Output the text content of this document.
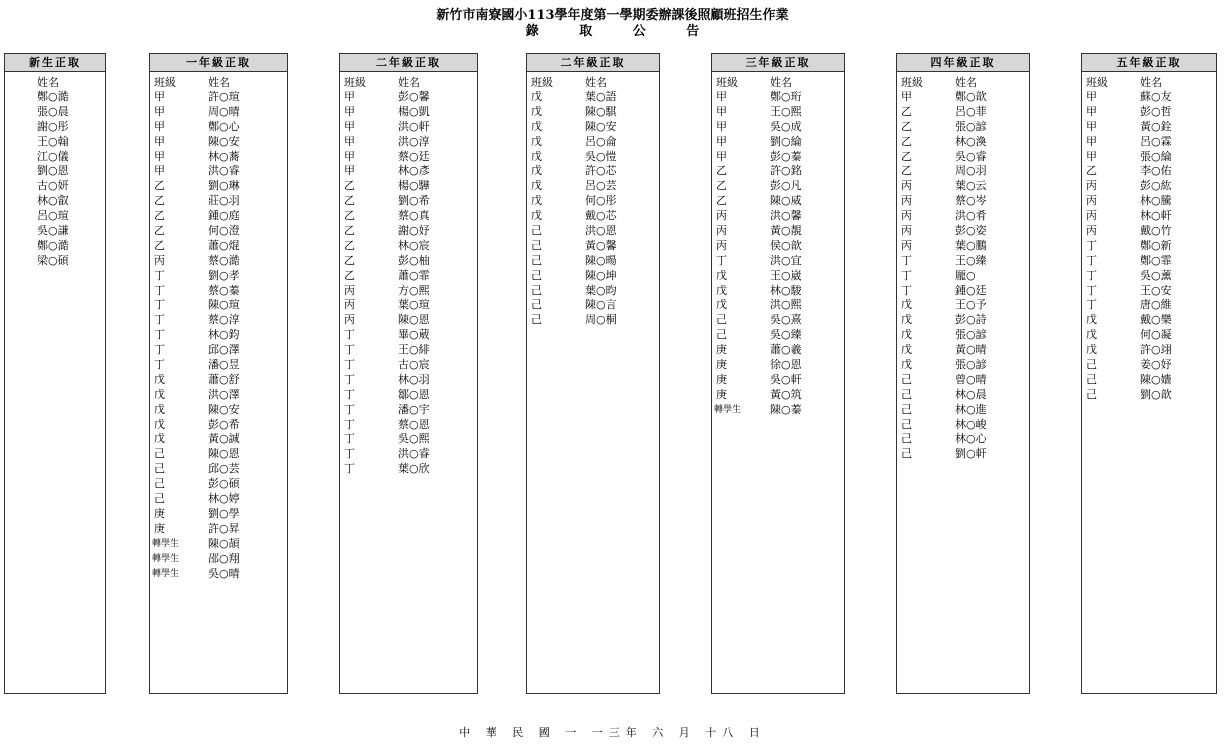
新竹市南寮國小113學年度第一學期委辦課後照顧班招生作業
錄 取 公 告
新生正取
姓名
鄭○澔
張○晨
謝○彤
王○翰
江○儀
劉○恩
古○妍
林○叡
呂○瑄
吳○謙
鄭○澔
梁○碩
一年級正取
班級	姓名
甲	許○瑄
甲	周○晴
甲	鄭○心
甲	陳○安
甲	林○蕎
甲	洪○睿
乙	劉○琳
乙	莊○羽
乙	鍾○庭
乙	何○澄
乙	蕭○焜
丙	蔡○澔
丁	劉○孝
丁	蔡○蓁
丁	陳○瑄
丁	蔡○淳
丁	林○鈞
丁	邱○澤
丁	潘○昱
戊	蕭○舒
戊	洪○澤
戊	陳○安
戊	彭○希
戊	黃○誠
己	陳○恩
己	邱○芸
己	彭○碩
己	林○婷
庚	劉○學
庚	許○昇
轉學生	陳○頡
轉學生	邵○翔
轉學生	吳○晴
二年級正取
班級	姓名
甲	彭○馨
甲	楊○凱
甲	洪○軒
甲	洪○淳
甲	蔡○廷
甲	林○彥
乙	楊○驊
乙	劉○希
乙	蔡○真
乙	謝○妤
乙	林○宸
乙	彭○柚
乙	蕭○霏
丙	方○熙
丙	葉○瑄
丙	陳○恩
丁	畢○葳
丁	王○緋
丁	古○宸
丁	林○羽
丁	鄒○恩
丁	潘○宇
丁	蔡○恩
丁	吳○熙
丁	洪○睿
丁	葉○欣
二年級正取
班級	姓名
戊	葉○語
戊	陳○騏
戊	陳○安
戊	呂○侖
戊	吳○愷
戊	許○芯
戊	呂○芸
戊	何○彤
戊	戴○芯
己	洪○恩
己	黃○馨
己	陳○暘
己	陳○坤
己	葉○昀
己	陳○言
己	周○桐
三年級正取
班級	姓名
甲	鄭○珩
甲	王○熙
甲	吳○成
甲	劉○綸
甲	彭○蓁
乙	許○銘
乙	彭○凡
乙	陳○威
丙	洪○馨
丙	黃○靚
丙	侯○歆
丁	洪○宜
戊	王○崴
戊	林○駿
戊	洪○熙
己	吳○熹
己	吳○臻
庚	蕭○羲
庚	徐○恩
庚	吳○軒
庚	黃○筑
轉學生	陳○蓁
四年級正取
班級	姓名
甲	鄭○歆
乙	呂○菲
乙	張○諺
乙	林○渙
乙	吳○睿
乙	周○羽
丙	葉○云
丙	蔡○岑
丙	洪○肴
丙	彭○姿
丙	葉○鵬
丁	王○臻
丁	龎○
丁	鍾○廷
戊	王○予
戊	彭○詩
戊	張○諺
戊	黃○晴
戊	張○諺
己	曾○晴
己	林○晨
己	林○進
己	林○峻
己	林○心
己	劉○軒
五年級正取
班級	姓名
甲	蘇○友
甲	彭○哲
甲	黃○銓
甲	呂○霖
甲	張○綸
乙	李○佑
丙	彭○紘
丙	林○騰
丙	林○軒
丙	戴○竹
丁	鄭○新
丁	鄭○霏
丁	吳○薰
丁	王○安
丁	唐○維
戊	戴○樂
戊	何○凝
戊	許○翊
己	姜○妤
己	陳○嬙
己	劉○歆
中 華 民 國 一 一三年 六 月 十八 日
